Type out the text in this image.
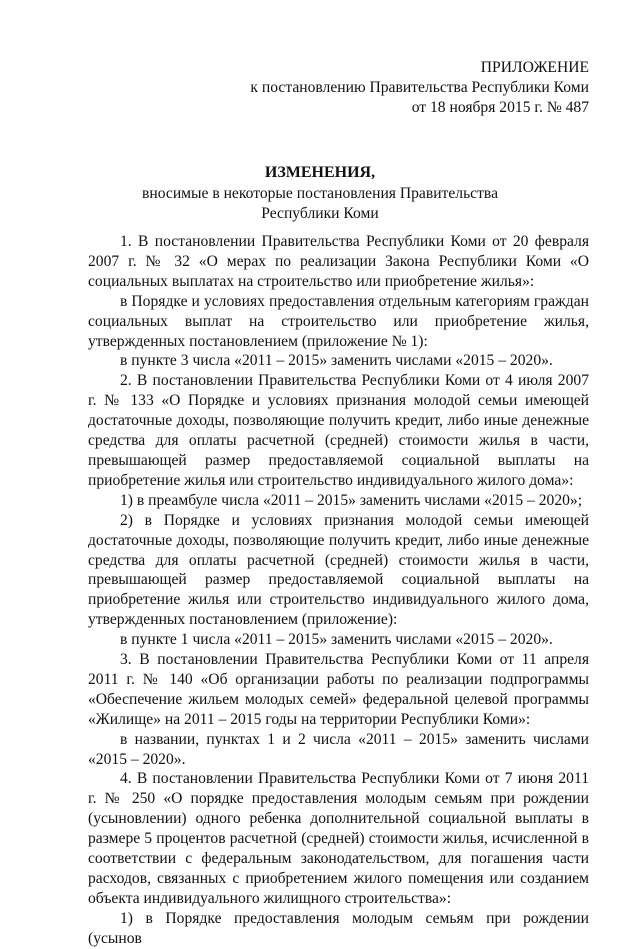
ПРИЛОЖЕНИЕ
к постановлению Правительства Республики Коми
от 18 ноября 2015 г. № 487
ИЗМЕНЕНИЯ,
вносимые в некоторые постановления Правительства
Республики Коми

1. В постановлении Правительства Республики Коми от 20 февраля 2007 г. № 32 «О мерах по реализации Закона Республики Коми «О социальных выплатах на строительство или приобретение жилья»:

в Порядке и условиях предоставления отдельным категориям граждан социальных выплат на строительство или приобретение жилья, утвержденных постановлением (приложение № 1):

в пункте 3 числа «2011 – 2015» заменить числами «2015 – 2020».

2. В постановлении Правительства Республики Коми от 4 июля 2007 г. № 133 «О Порядке и условиях признания молодой семьи имеющей достаточные доходы, позволяющие получить кредит, либо иные денежные средства для оплаты расчетной (средней) стоимости жилья в части, превышающей размер предоставляемой социальной выплаты на приобретение жилья или строительство индивидуального жилого дома»:

1) в преамбуле числа «2011 – 2015» заменить числами «2015 – 2020»;

2) в Порядке и условиях признания молодой семьи имеющей достаточные доходы, позволяющие получить кредит, либо иные денежные средства для оплаты расчетной (средней) стоимости жилья в части, превышающей размер предоставляемой социальной выплаты на приобретение жилья или строительство индивидуального жилого дома, утвержденных постановлением (приложение):

в пункте 1 числа «2011 – 2015» заменить числами «2015 – 2020».

3. В постановлении Правительства Республики Коми от 11 апреля 2011 г. № 140 «Об организации работы по реализации подпрограммы «Обеспечение жильем молодых семей» федеральной целевой программы «Жилище» на 2011 – 2015 годы на территории Республики Коми»:

в названии, пунктах 1 и 2 числа «2011 – 2015» заменить числами «2015 – 2020».

4. В постановлении Правительства Республики Коми от 7 июня 2011 г. № 250 «О порядке предоставления молодым семьям при рождении (усыновлении) одного ребенка дополнительной социальной выплаты в размере 5 процентов расчетной (средней) стоимости жилья, исчисленной в соответствии с федеральным законодательством, для погашения части расходов, связанных с приобретением жилого помещения или созданием объекта индивидуального жилищного строительства»:

1) в Порядке предоставления молодым семьям при рождении (усынов
